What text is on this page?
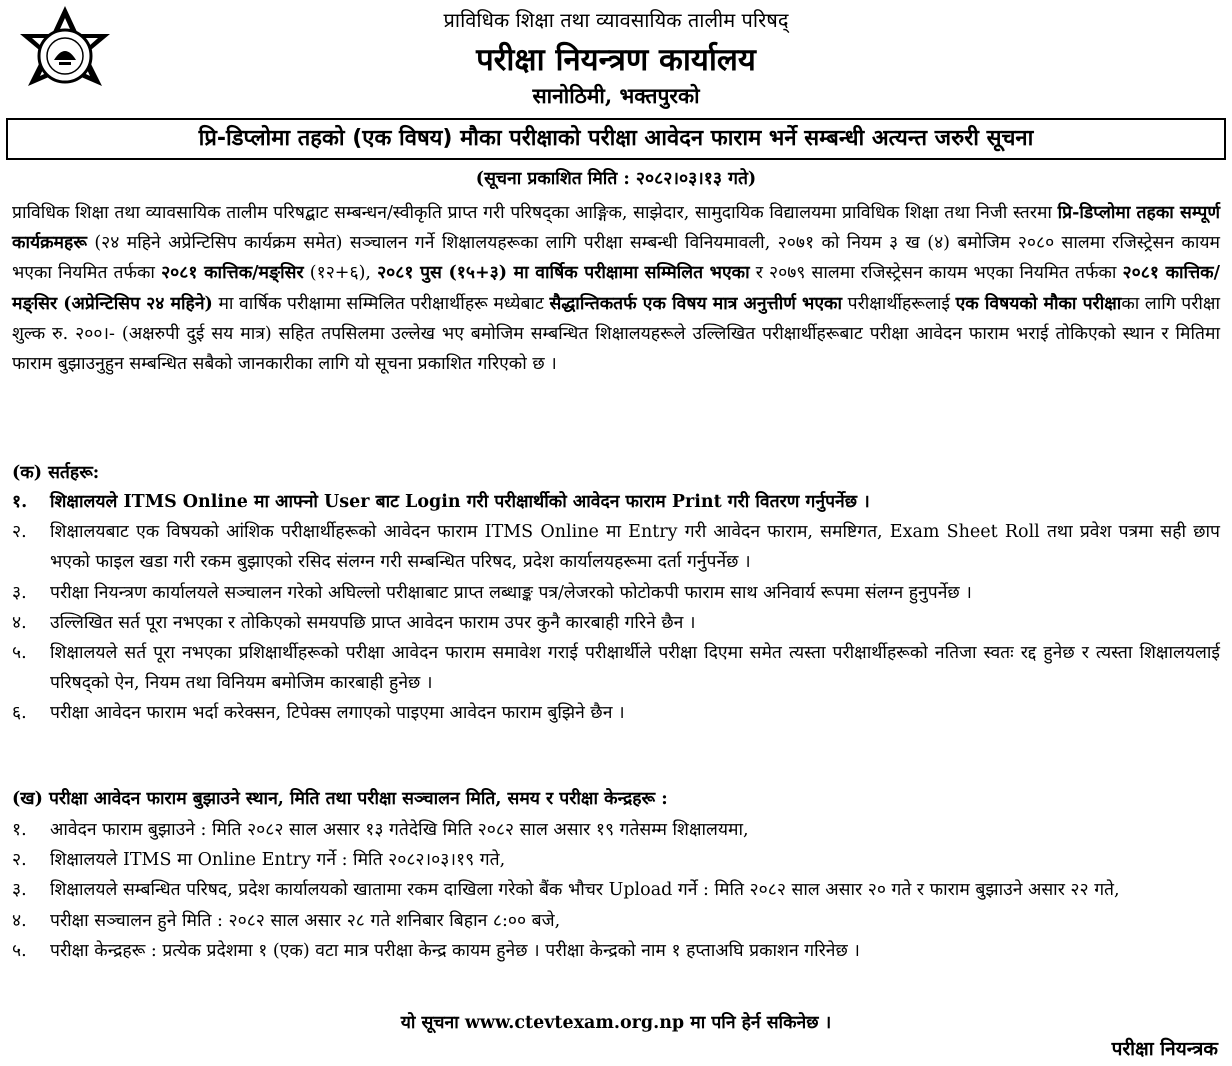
प्राविधिक शिक्षा तथा व्यावसायिक तालीम परिषद्
परीक्षा नियन्त्रण कार्यालय
सानोठिमी, भक्तपुरको
प्रि-डिप्लोमा तहको (एक विषय) मौका परीक्षाको परीक्षा आवेदन फाराम भर्ने सम्बन्धी अत्यन्त जरुरी सूचना
(सूचना प्रकाशित मिति : २०८२।०३।१३ गते)

प्राविधिक शिक्षा तथा व्यावसायिक तालीम परिषद्बाट सम्बन्धन/स्वीकृति प्राप्त गरी परिषद्का आङ्गिक, साझेदार, सामुदायिक विद्यालयमा प्राविधिक शिक्षा तथा निजी स्तरमा प्रि-डिप्लोमा तहका सम्पूर्ण कार्यक्रमहरू (२४ महिने अप्रेन्टिसिप कार्यक्रम समेत) सञ्चालन गर्ने शिक्षालयहरूका लागि परीक्षा सम्बन्धी विनियमावली, २०७१ को नियम ३ ख (४) बमोजिम २०८० सालमा रजिस्ट्रेसन कायम भएका नियमित तर्फका २०८१ कात्तिक/मङ्सिर (१२+६), २०८१ पुस (१५+३) मा वार्षिक परीक्षामा सम्मिलित भएका र २०७९ सालमा रजिस्ट्रेसन कायम भएका नियमित तर्फका २०८१ कात्तिक/मङ्सिर (अप्रेन्टिसिप २४ महिने) मा वार्षिक परीक्षामा सम्मिलित परीक्षार्थीहरू मध्येबाट सैद्धान्तिकतर्फ एक विषय मात्र अनुत्तीर्ण भएका परीक्षार्थीहरूलाई एक विषयको मौका परीक्षाका लागि परीक्षा शुल्क रु. २००।- (अक्षरुपी दुई सय मात्र) सहित तपसिलमा उल्लेख भए बमोजिम सम्बन्धित शिक्षालयहरूले उल्लिखित परीक्षार्थीहरूबाट परीक्षा आवेदन फाराम भराई तोकिएको स्थान र मितिमा फाराम बुझाउनुहुन सम्बन्धित सबैको जानकारीका लागि यो सूचना प्रकाशित गरिएको छ ।

(क) सर्तहरू:
१. शिक्षालयले ITMS Online मा आफ्नो User बाट Login गरी परीक्षार्थीको आवेदन फाराम Print गरी वितरण गर्नुपर्नेछ ।
२. शिक्षालयबाट एक विषयको आंशिक परीक्षार्थीहरूको आवेदन फाराम ITMS Online मा Entry गरी आवेदन फाराम, समष्टिगत, Exam Sheet Roll तथा प्रवेश पत्रमा सही छाप भएको फाइल खडा गरी रकम बुझाएको रसिद संलग्न गरी सम्बन्धित परिषद, प्रदेश कार्यालयहरूमा दर्ता गर्नुपर्नेछ ।
३. परीक्षा नियन्त्रण कार्यालयले सञ्चालन गरेको अघिल्लो परीक्षाबाट प्राप्त लब्धाङ्क पत्र/लेजरको फोटोकपी फाराम साथ अनिवार्य रूपमा संलग्न हुनुपर्नेछ ।
४. उल्लिखित सर्त पूरा नभएका र तोकिएको समयपछि प्राप्त आवेदन फाराम उपर कुनै कारबाही गरिने छैन ।
५. शिक्षालयले सर्त पूरा नभएका प्रशिक्षार्थीहरूको परीक्षा आवेदन फाराम समावेश गराई परीक्षार्थीले परीक्षा दिएमा समेत त्यस्ता परीक्षार्थीहरूको नतिजा स्वतः रद्द हुनेछ र त्यस्ता शिक्षालयलाई परिषद्को ऐन, नियम तथा विनियम बमोजिम कारबाही हुनेछ ।
६. परीक्षा आवेदन फाराम भर्दा करेक्सन, टिपेक्स लगाएको पाइएमा आवेदन फाराम बुझिने छैन ।
(ख) परीक्षा आवेदन फाराम बुझाउने स्थान, मिति तथा परीक्षा सञ्चालन मिति, समय र परीक्षा केन्द्रहरू :
१. आवेदन फाराम बुझाउने : मिति २०८२ साल असार १३ गतेदेखि मिति २०८२ साल असार १९ गतेसम्म शिक्षालयमा,
२. शिक्षालयले ITMS मा Online Entry गर्ने : मिति २०८२।०३।१९ गते,
३. शिक्षालयले सम्बन्धित परिषद, प्रदेश कार्यालयको खातामा रकम दाखिला गरेको बैंक भौचर Upload गर्ने : मिति २०८२ साल असार २० गते र फाराम बुझाउने असार २२ गते,
४. परीक्षा सञ्चालन हुने मिति : २०८२ साल असार २८ गते शनिबार बिहान ८:०० बजे,
५. परीक्षा केन्द्रहरू : प्रत्येक प्रदेशमा १ (एक) वटा मात्र परीक्षा केन्द्र कायम हुनेछ । परीक्षा केन्द्रको नाम १ हप्ताअघि प्रकाशन गरिनेछ ।
यो सूचना www.ctevtexam.org.np मा पनि हेर्न सकिनेछ ।
परीक्षा नियन्त्रक
